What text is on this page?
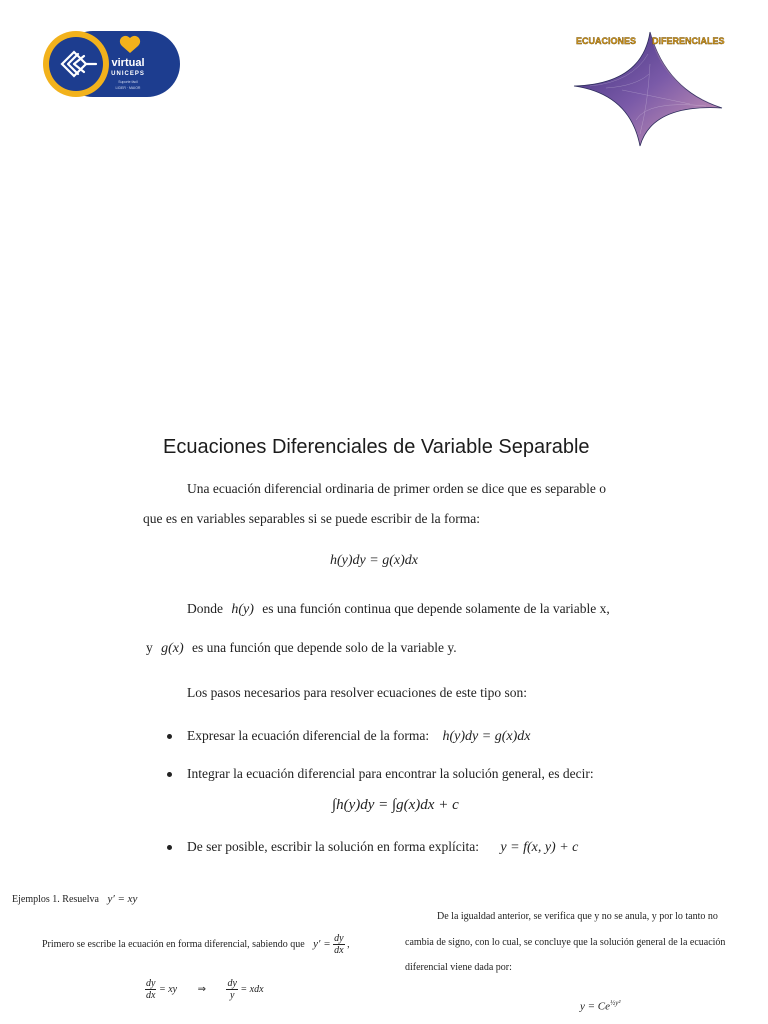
virtual
UNICEPS
Suporte fácil
LIDER · MAIOR
ECUACIONES DIFERENCIALES
Ecuaciones Diferenciales de Variable Separable
Una ecuación diferencial ordinaria de primer orden se dice que es separable o
que es en variables separables si se puede escribir de la forma:
h(y)dy = g(x)dx
Donde h(y) es una función continua que depende solamente de la variable x,
y g(x) es una función que depende solo de la variable y.
Los pasos necesarios para resolver ecuaciones de este tipo son:
Expresar la ecuación diferencial de la forma: h(y)dy = g(x)dx
Integrar la ecuación diferencial para encontrar la solución general, es decir:
∫h(y)dy = ∫g(x)dx + c
De ser posible, escribir la solución en forma explícita: y = f(x, y) + c
Ejemplos 1. Resuelva y′ = xy
Primero se escribe la ecuación en forma diferencial, sabiendo que $y' = \frac{dy}{dx}$ ,
$\frac{dy}{dx}$ = xy ⇒ $\frac{dy}{y}$ = xdx
De la igualdad anterior, se verifica que y no se anula, y por lo tanto no
cambia de signo, con lo cual, se concluye que la solución general de la ecuación
diferencial viene dada por:
$y = Ce^{\frac{1}{2}y^2}$
